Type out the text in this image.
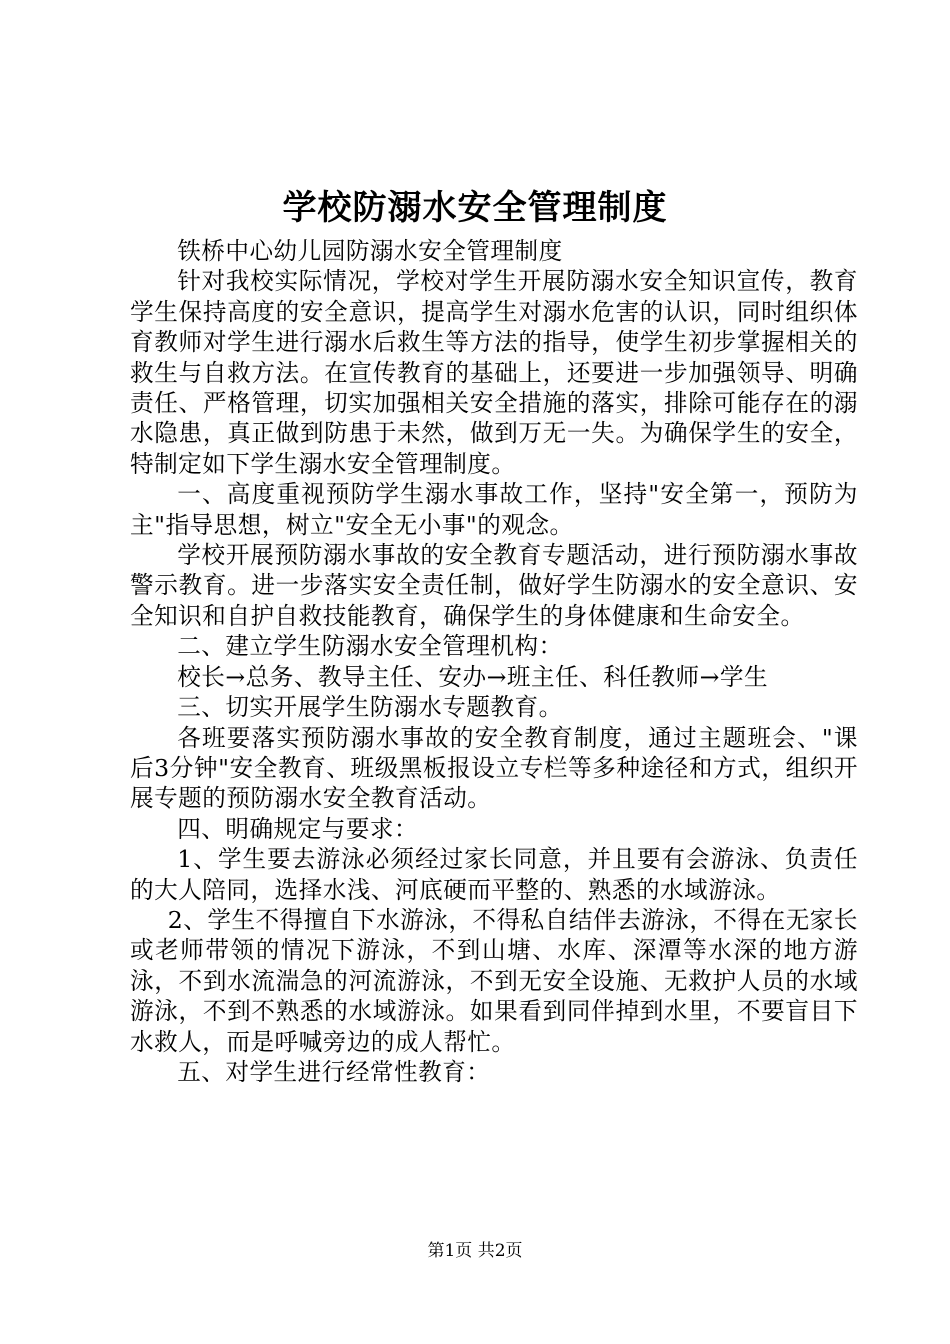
学校防溺水安全管理制度

铁桥中心幼儿园防溺水安全管理制度

针对我校实际情况，学校对学生开展防溺水安全知识宣传，教育学生保持高度的安全意识，提高学生对溺水危害的认识，同时组织体育教师对学生进行溺水后救生等方法的指导，使学生初步掌握相关的救生与自救方法。在宣传教育的基础上，还要进一步加强领导、明确责任、严格管理，切实加强相关安全措施的落实，排除可能存在的溺水隐患，真正做到防患于未然，做到万无一失。为确保学生的安全，特制定如下学生溺水安全管理制度。

一、高度重视预防学生溺水事故工作，坚持"安全第一，预防为主"指导思想，树立"安全无小事"的观念。

学校开展预防溺水事故的安全教育专题活动，进行预防溺水事故警示教育。进一步落实安全责任制，做好学生防溺水的安全意识、安全知识和自护自救技能教育，确保学生的身体健康和生命安全。

二、建立学生防溺水安全管理机构：

校长→总务、教导主任、安办→班主任、科任教师→学生

三、切实开展学生防溺水专题教育。

各班要落实预防溺水事故的安全教育制度，通过主题班会、"课后3分钟"安全教育、班级黑板报设立专栏等多种途径和方式，组织开展专题的预防溺水安全教育活动。

四、明确规定与要求：

1、学生要去游泳必须经过家长同意，并且要有会游泳、负责任的大人陪同，选择水浅、河底硬而平整的、熟悉的水域游泳。

2、学生不得擅自下水游泳，不得私自结伴去游泳，不得在无家长或老师带领的情况下游泳，不到山塘、水库、深潭等水深的地方游泳，不到水流湍急的河流游泳，不到无安全设施、无救护人员的水域游泳，不到不熟悉的水域游泳。如果看到同伴掉到水里，不要盲目下水救人，而是呼喊旁边的成人帮忙。

五、对学生进行经常性教育：

第1页 共2页
